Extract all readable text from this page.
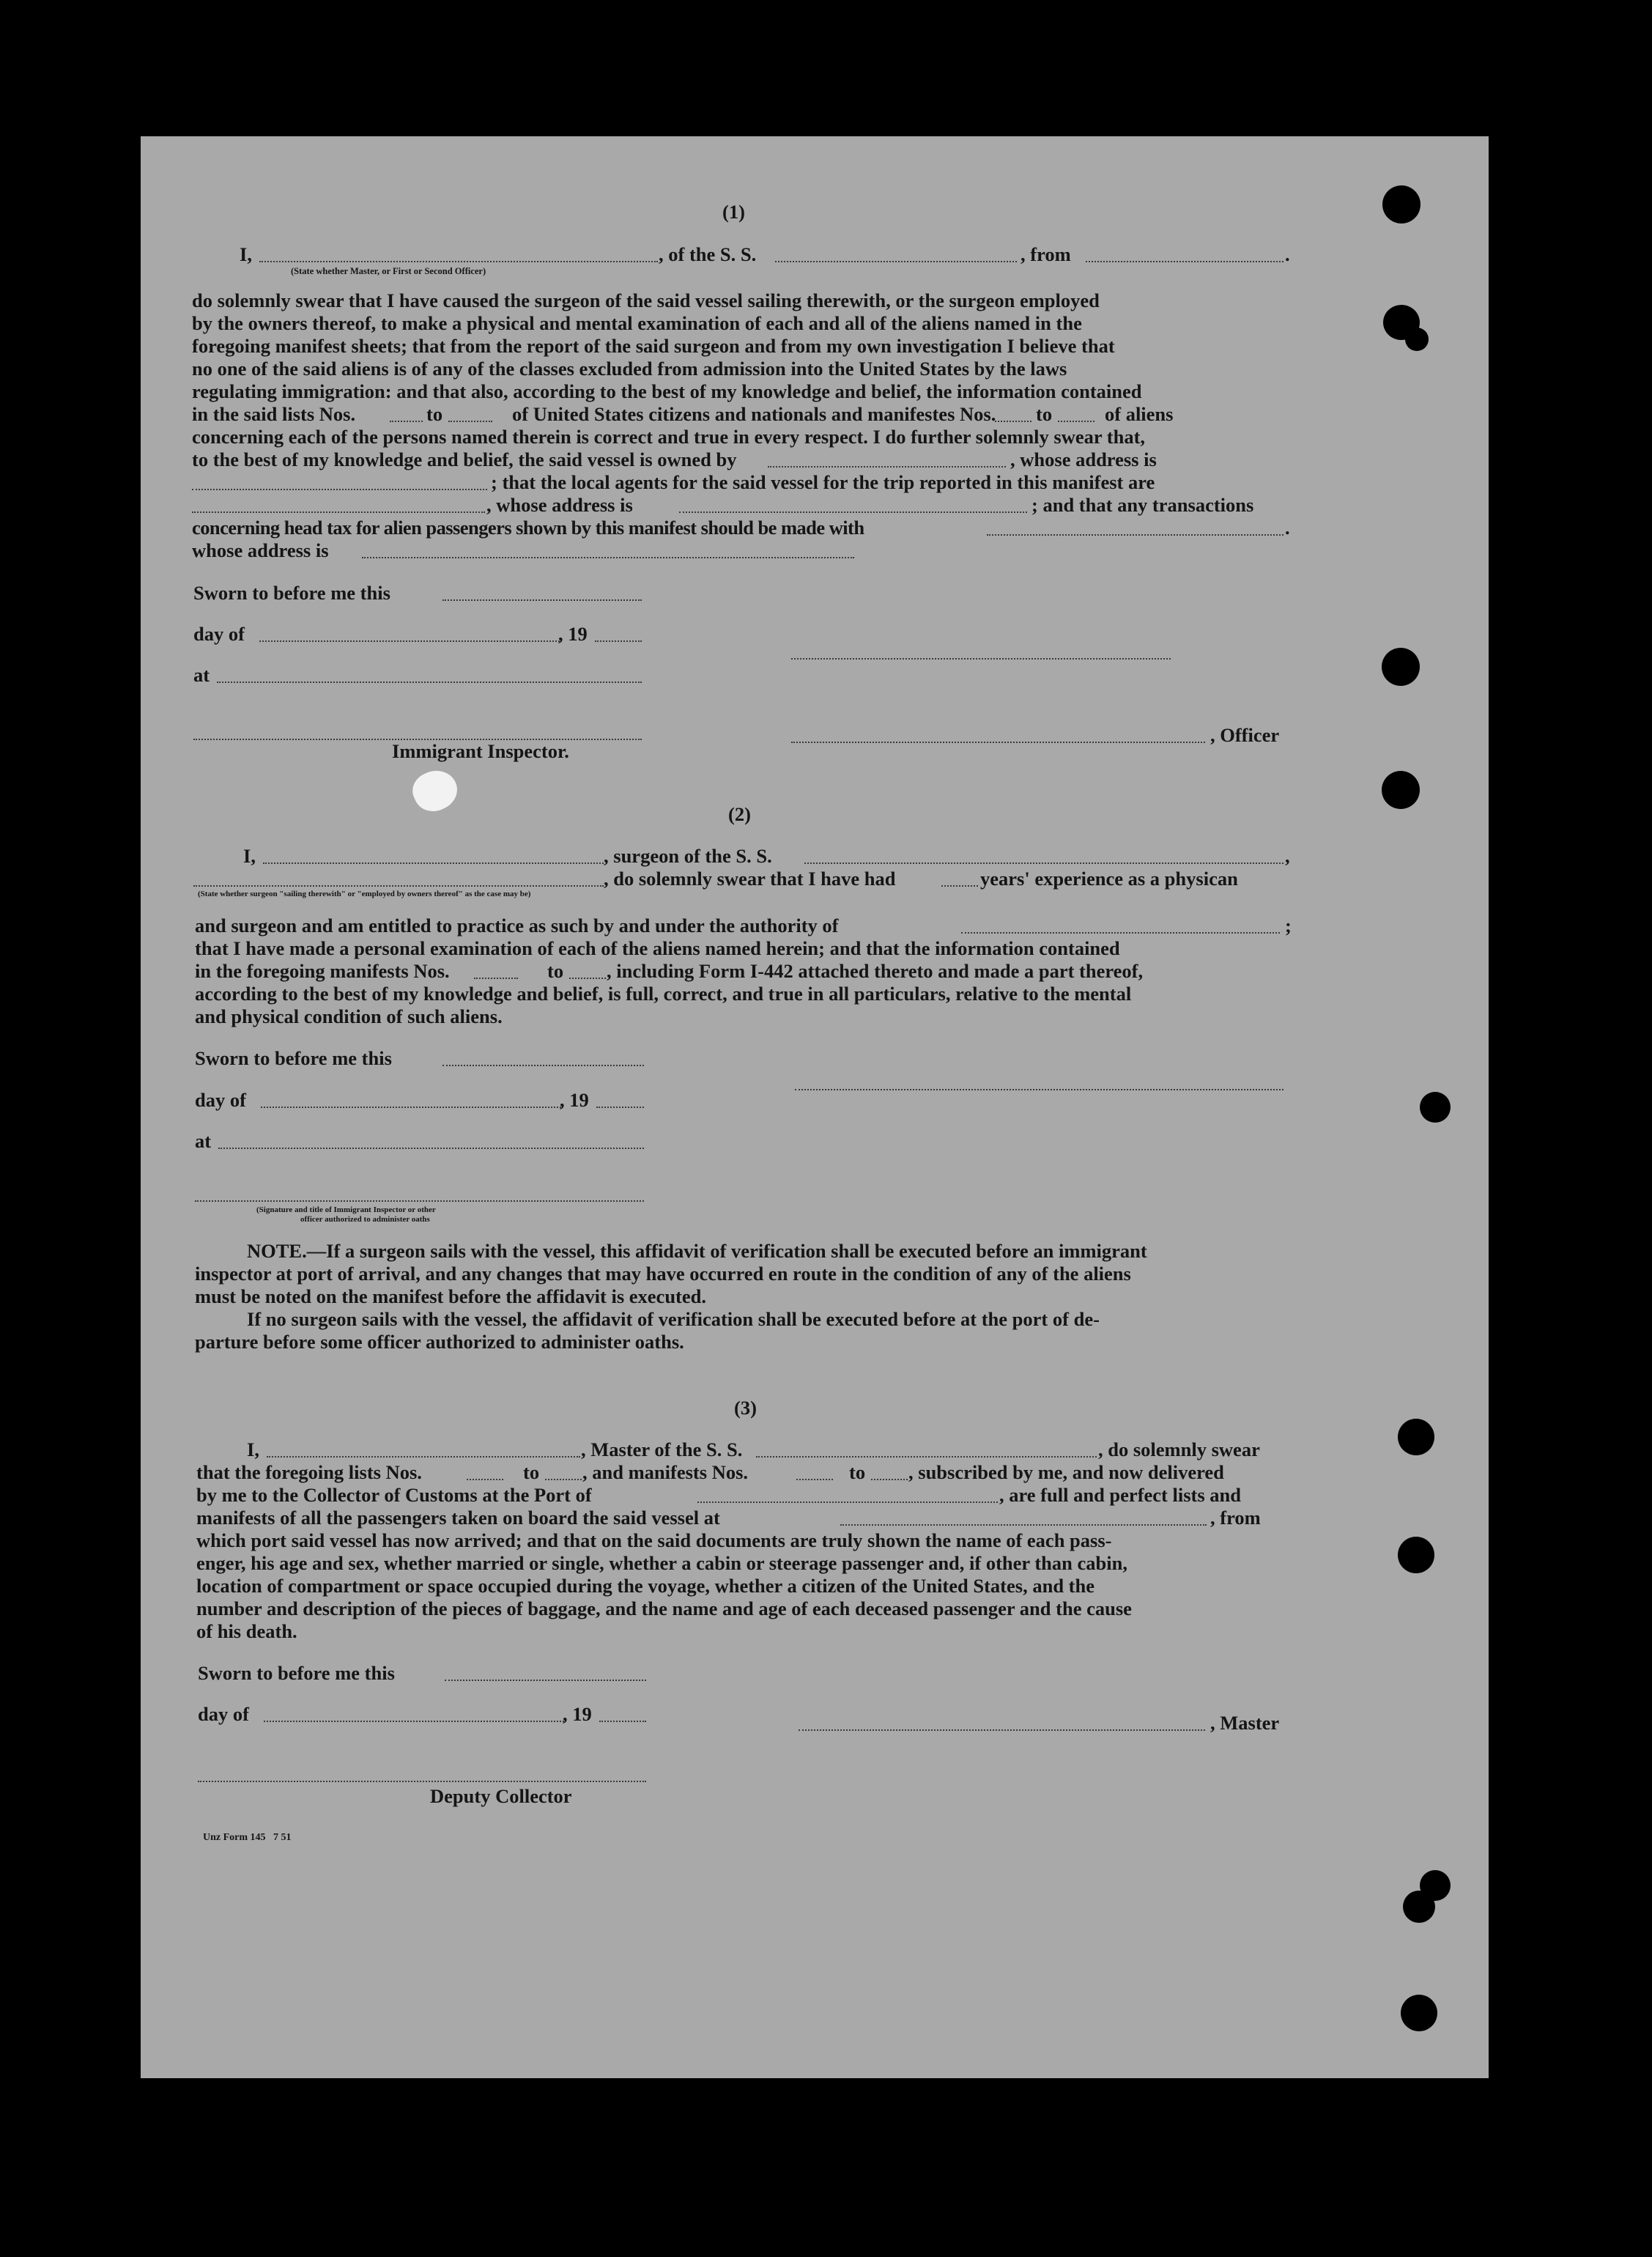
(1)
I,	, of the S. S.	, from	.
(State whether Master, or First or Second Officer)
do solemnly swear that I have caused the surgeon of the said vessel sailing therewith, or the surgeon employed
by the owners thereof, to make a physical and mental examination of each and all of the aliens named in the
foregoing manifest sheets; that from the report of the said surgeon and from my own investigation I believe that
no one of the said aliens is of any of the classes excluded from admission into the United States by the laws
regulating immigration: and that also, according to the best of my knowledge and belief, the information contained
in the said lists Nos.	to	of United States citizens and nationals and manifestes Nos. to	of aliens
concerning each of the persons named therein is correct and true in every respect. I do further solemnly swear that,
to the best of my knowledge and belief, the said vessel is owned by	, whose address is
; that the local agents for the said vessel for the trip reported in this manifest are
, whose address is	; and that any transactions
concerning head tax for alien passengers shown by this manifest should be made with	.
whose address is
Sworn to before me this
day of	, 19
at
, Officer
Immigrant Inspector.
(2)
I,	, surgeon of the S. S.	,
, do solemnly swear that I have had	years' experience as a physican
(State whether surgeon "sailing therewith" or "employed by owners thereof" as the case may be)
and surgeon and am entitled to practice as such by and under the authority of	;
that I have made a personal examination of each of the aliens named herein; and that the information contained
in the foregoing manifests Nos.	to , including Form I-442 attached thereto and made a part thereof,
according to the best of my knowledge and belief, is full, correct, and true in all particulars, relative to the mental
and physical condition of such aliens.
Sworn to before me this
day of	, 19
at
(Signature and title of Immigrant Inspector or other
officer authorized to administer oaths
NOTE.—If a surgeon sails with the vessel, this affidavit of verification shall be executed before an immigrant
inspector at port of arrival, and any changes that may have occurred en route in the condition of any of the aliens
must be noted on the manifest before the affidavit is executed.
If no surgeon sails with the vessel, the affidavit of verification shall be executed before at the port of de-
parture before some officer authorized to administer oaths.
(3)
I,	, Master of the S. S.	, do solemnly swear
that the foregoing lists Nos.	to , and manifests Nos.	to , subscribed by me, and now delivered
by me to the Collector of Customs at the Port of	, are full and perfect lists and
manifests of all the passengers taken on board the said vessel at	, from
which port said vessel has now arrived; and that on the said documents are truly shown the name of each pass-
enger, his age and sex, whether married or single, whether a cabin or steerage passenger and, if other than cabin,
location of compartment or space occupied during the voyage, whether a citizen of the United States, and the
number and description of the pieces of baggage, and the name and age of each deceased passenger and the cause
of his death.
Sworn to before me this
day of	, 19	, Master
Deputy Collector
Unz Form 145   7 51
